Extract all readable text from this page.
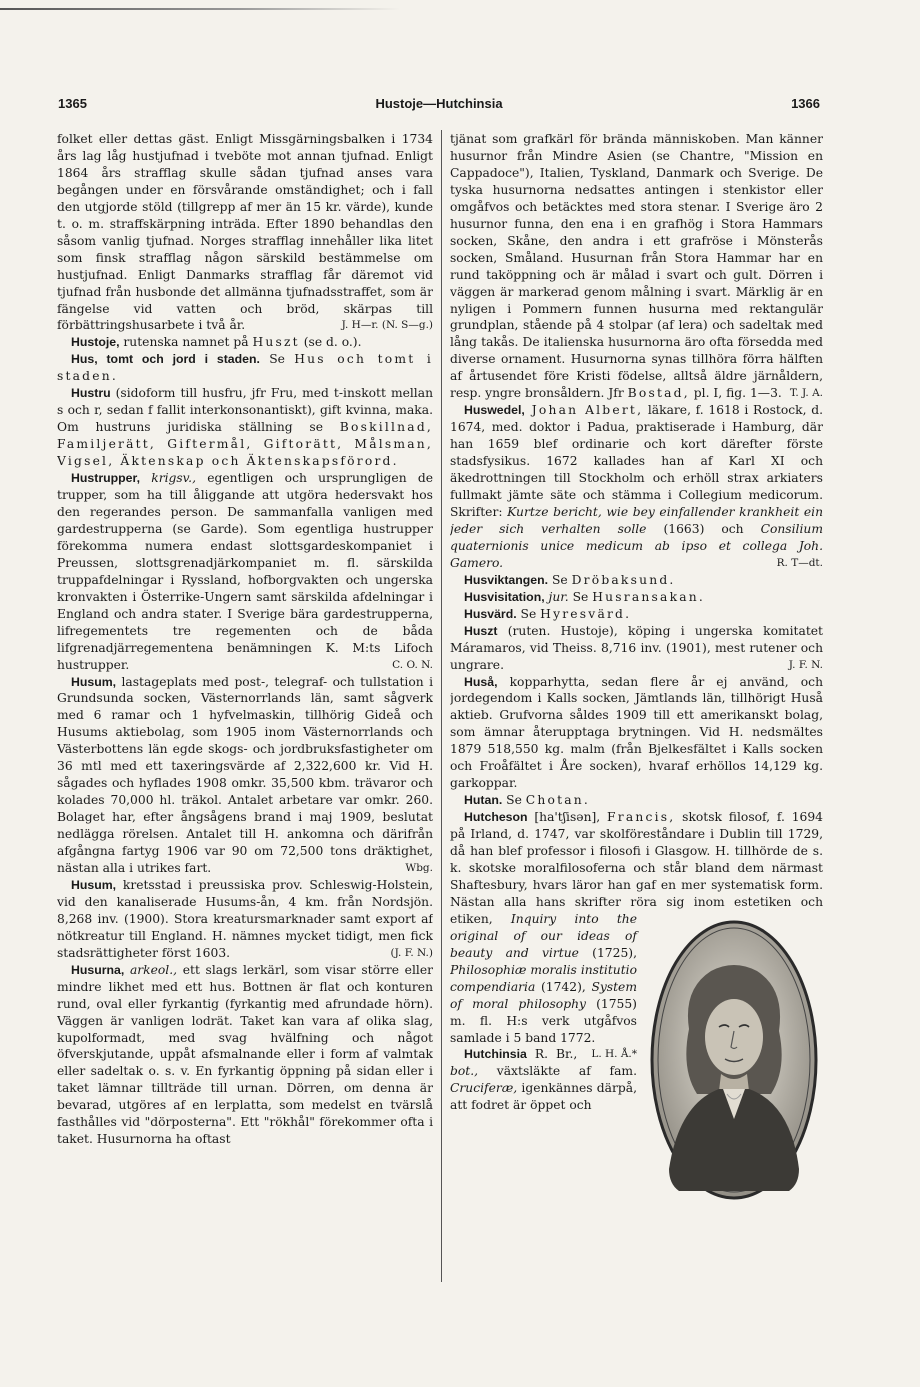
1365	Hustoje—Hutchinsia	1366

folket eller dettas gäst. Enligt Missgärningsbalken i 1734 års lag låg hustjufnad i tveböte mot annan tjufnad. Enligt 1864 års strafflag skulle sådan tjufnad anses vara begången under en försvårande omständighet; och i fall den utgjorde stöld (tillgrepp af mer än 15 kr. värde), kunde t. o. m. straffskärpning inträda. Efter 1890 behandlas den såsom vanlig tjufnad. Norges strafflag innehåller lika litet som finsk strafflag någon särskild bestämmelse om hustjufnad. Enligt Danmarks strafflag får däremot vid tjufnad från husbonde det allmänna tjufnadsstraffet, som är fängelse vid vatten och bröd, skärpas till förbättringshusarbete i två år.	J. H—r. (N. S—g.)

Hustoje, rutenska namnet på Huszt (se d. o.).

Hus, tomt och jord i staden. Se Hus och tomt i staden.

Hustru (sidoform till husfru, jfr Fru, med t-inskott mellan s och r, sedan f fallit interkonsonantiskt), gift kvinna, maka. Om hustruns juridiska ställning se Boskillnad, Familjerätt, Giftermål, Giftorätt, Målsman, Vigsel, Äktenskap och Äktenskapsförord.

Hustrupper, krigsv., egentligen och ursprungligen de trupper, som ha till åliggande att utgöra hedersvakt hos den regerandes person. De sammanfalla vanligen med gardestrupperna (se Garde). Som egentliga hustrupper förekomma numera endast slottsgardeskompaniet i Preussen, slottsgrenadjärkompaniet m. fl. särskilda truppafdelningar i Ryssland, hofborgvakten och ungerska kronvakten i Österrike-Ungern samt särskilda afdelningar i England och andra stater. I Sverige bära gardestrupperna, lifregementets tre regementen och de båda lifgrenadjärregementena benämningen K. M:ts Lifoch hustrupper.	C. O. N.

Husum, lastageplats med post-, telegraf- och tullstation i Grundsunda socken, Västernorrlands län, samt sågverk med 6 ramar och 1 hyfvelmaskin, tillhörig Gideå och Husums aktiebolag, som 1905 inom Västernorrlands och Västerbottens län egde skogs- och jordbruksfastigheter om 36 mtl med ett taxeringsvärde af 2,322,600 kr. Vid H. sågades och hyflades 1908 omkr. 35,500 kbm. trävaror och kolades 70,000 hl. träkol. Antalet arbetare var omkr. 260. Bolaget har, efter ångsågens brand i maj 1909, beslutat nedlägga rörelsen. Antalet till H. ankomna och därifrån afgångna fartyg 1906 var 90 om 72,500 tons dräktighet, nästan alla i utrikes fart.	Wbg.

Husum, kretsstad i preussiska prov. Schleswig-Holstein, vid den kanaliserade Husums-ån, 4 km. från Nordsjön. 8,268 inv. (1900). Stora kreatursmarknader samt export af nötkreatur till England. H. nämnes mycket tidigt, men fick stadsrättigheter först 1603.	(J. F. N.)

Husurna, arkeol., ett slags lerkärl, som visar större eller mindre likhet med ett hus. Bottnen är flat och konturen rund, oval eller fyrkantig (fyrkantig med afrundade hörn). Väggen är vanligen lodrät. Taket kan vara af olika slag, kupolformadt, med svag hvälfning och något öfverskjutande, uppåt afsmalnande eller i form af valmtak eller sadeltak o. s. v. En fyrkantig öppning på sidan eller i taket lämnar tillträde till urnan. Dörren, om denna är bevarad, utgöres af en lerplatta, som medelst en tvärslå fasthålles vid "dörposterna". Ett "rökhål" förekommer ofta i taket. Husurnorna ha oftast

tjänat som grafkärl för brända människoben. Man känner husurnor från Mindre Asien (se Chantre, "Mission en Cappadoce"), Italien, Tyskland, Danmark och Sverige. De tyska husurnorna nedsattes antingen i stenkistor eller omgåfvos och betäcktes med stora stenar. I Sverige äro 2 husurnor funna, den ena i en grafhög i Stora Hammars socken, Skåne, den andra i ett grafröse i Mönsterås socken, Småland. Husurnan från Stora Hammar har en rund taköppning och är målad i svart och gult. Dörren i väggen är markerad genom målning i svart. Märklig är en nyligen i Pommern funnen husurna med rektangulär grundplan, stående på 4 stolpar (af lera) och sadeltak med lång takås. De italienska husurnorna äro ofta försedda med diverse ornament. Husurnorna synas tillhöra förra hälften af årtusendet före Kristi födelse, alltså äldre järnåldern, resp. yngre bronsåldern. Jfr Bostad, pl. I, fig. 1—3. T. J. A.

Huswedel, Johan Albert, läkare, f. 1618 i Rostock, d. 1674, med. doktor i Padua, praktiserade i Hamburg, där han 1659 blef ordinarie och kort därefter förste stadsfysikus. 1672 kallades han af Karl XI och äkedrottningen till Stockholm och erhöll strax arkiaters fullmakt jämte säte och stämma i Collegium medicorum. Skrifter: Kurtze bericht, wie bey einfallender krankheit ein jeder sich verhalten solle (1663) och Consilium quaternionis unice medicum ab ipso et collega Joh. Gamero.	R. T—dt.

Husviktangen. Se Dröbaksund.

Husvisitation, jur. Se Husransakan.

Husvärd. Se Hyresvärd.

Huszt (ruten. Hustoje), köping i ungerska komitatet Máramaros, vid Theiss. 8,716 inv. (1901), mest rutener och ungrare.	J. F. N.

Huså, kopparhytta, sedan flere år ej använd, och jordegendom i Kalls socken, Jämtlands län, tillhörigt Huså aktieb. Grufvorna såldes 1909 till ett amerikanskt bolag, som ämnar återupptaga brytningen. Vid H. nedsmältes 1879 518,550 kg. malm (från Bjelkesfältet i Kalls socken och Froåfältet i Åre socken), hvaraf erhöllos 14,129 kg. garkoppar.

Hutan. Se Chotan.

Hutcheson [ha'tʃisən], Francis, skotsk filosof, f. 1694 på Irland, d. 1747, var skolföreståndare i Dublin till 1729, då han blef professor i filosofi i Glasgow. H. tillhörde de s. k. skotske moralfilosoferna och står bland dem närmast Shaftesbury, hvars läror han gaf en mer systematisk form. Nästan alla hans skrifter röra sig inom estetiken och etiken,
Inquiry into the original of our ideas of beauty and virtue (1725), Philosophiæ moralis institutio compendiaria (1742), System of moral philosophy (1755) m. fl. H:s verk utgåfvos samlade i 5 band 1772.
L. H. Å.*

Hutchinsia R. Br., bot., växtsläkte af fam. Cruciferæ, igenkännes därpå, att fodret är öppet och
